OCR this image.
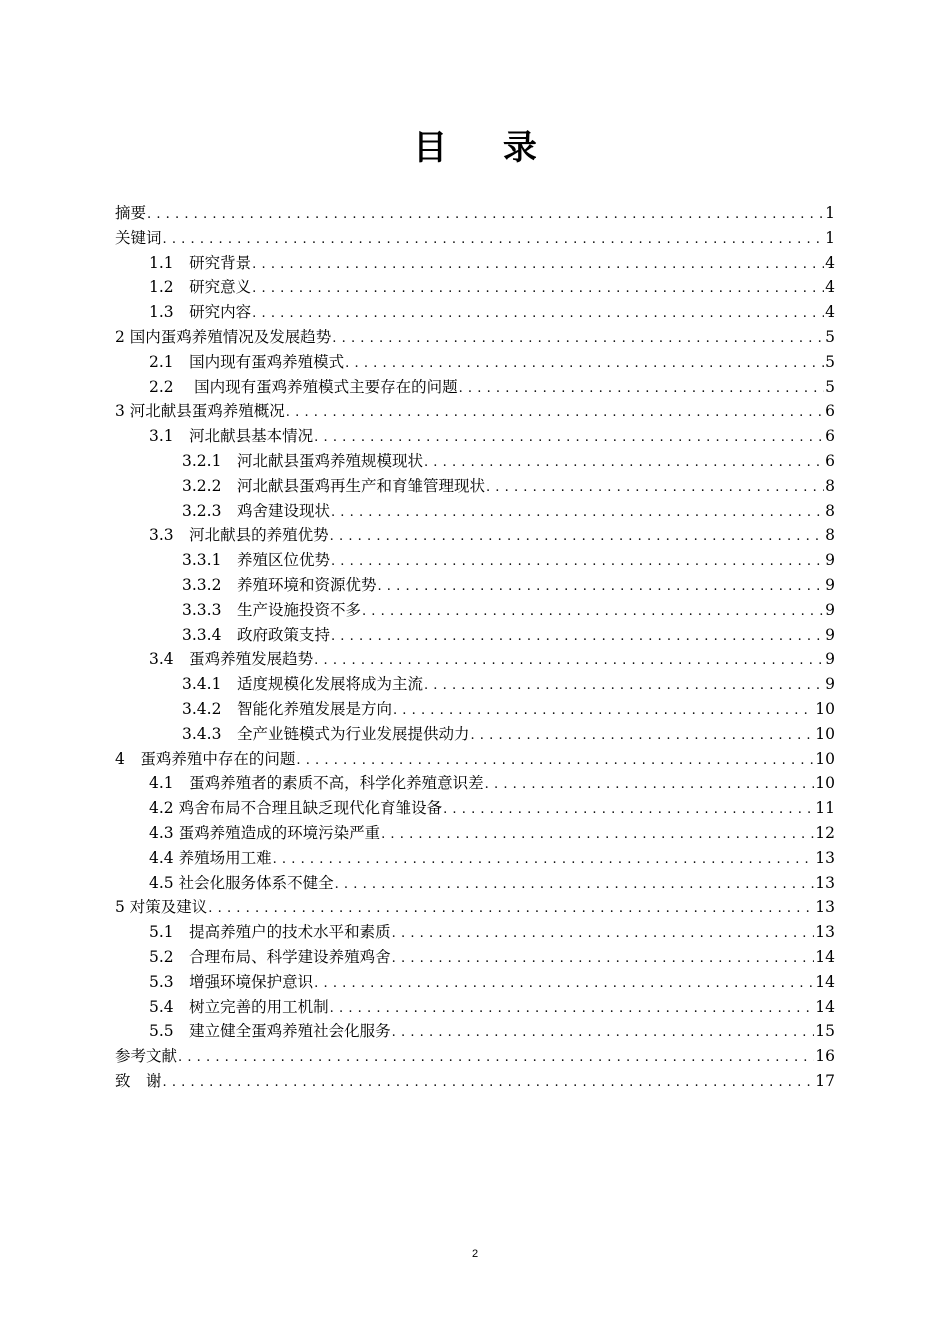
目 录
摘要 .....	1
关键词 .....	1
1.1　研究背景 .....	4
1.2　研究意义 .....	4
1.3　研究内容 .....	4
2 国内蛋鸡养殖情况及发展趋势 .....	5
2.1　国内现有蛋鸡养殖模式 .....	5
2.2　 国内现有蛋鸡养殖模式主要存在的问题 .....	5
3 河北献县蛋鸡养殖概况 .....	6
3.1　河北献县基本情况 .....	6
3.2.1　河北献县蛋鸡养殖规模现状 .....	6
3.2.2　河北献县蛋鸡再生产和育雏管理现状 .....	8
3.2.3　鸡舍建设现状 .....	8
3.3　河北献县的养殖优势 .....	8
3.3.1　养殖区位优势 .....	9
3.3.2　养殖环境和资源优势 .....	9
3.3.3　生产设施投资不多 .....	9
3.3.4　政府政策支持 .....	9
3.4　蛋鸡养殖发展趋势 .....	9
3.4.1　适度规模化发展将成为主流 .....	9
3.4.2　智能化养殖发展是方向 .....	10
3.4.3　全产业链模式为行业发展提供动力 .....	10
4　蛋鸡养殖中存在的问题 .....	10
4.1　蛋鸡养殖者的素质不高，科学化养殖意识差 .....	10
4.2 鸡舍布局不合理且缺乏现代化育雏设备 .....	11
4.3 蛋鸡养殖造成的环境污染严重 .....	12
4.4 养殖场用工难 .....	13
4.5 社会化服务体系不健全 .....	13
5 对策及建议 .....	13
5.1　提高养殖户的技术水平和素质 .....	13
5.2　合理布局、科学建设养殖鸡舍 .....	14
5.3　增强环境保护意识 .....	14
5.4　树立完善的用工机制 .....	14
5.5　建立健全蛋鸡养殖社会化服务 .....	15
参考文献 .....	16
致　谢 .....	17
2
